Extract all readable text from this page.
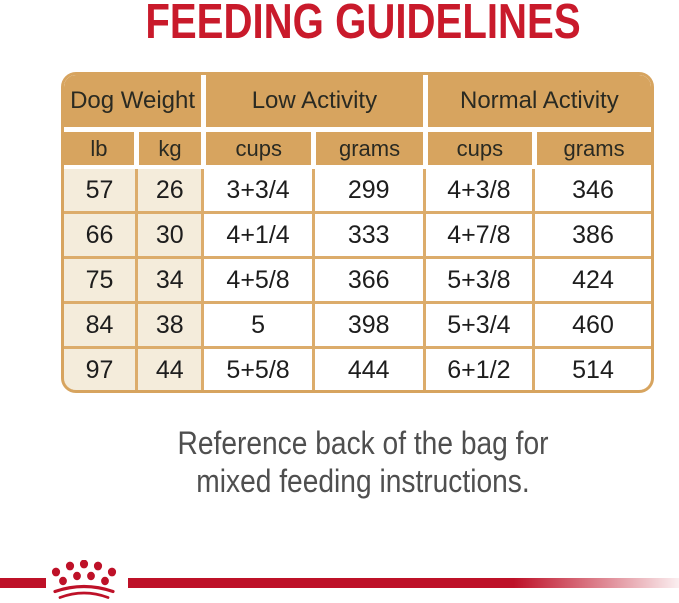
FEEDING GUIDELINES
Dog Weight	Low Activity	Normal Activity
lb	kg	cups	grams	cups	grams
57	26	3+3/4	299	4+3/8	346
66	30	4+1/4	333	4+7/8	386
75	34	4+5/8	366	5+3/8	424
84	38	5	398	5+3/4	460
97	44	5+5/8	444	6+1/2	514
Reference back of the bag for
mixed feeding instructions.
